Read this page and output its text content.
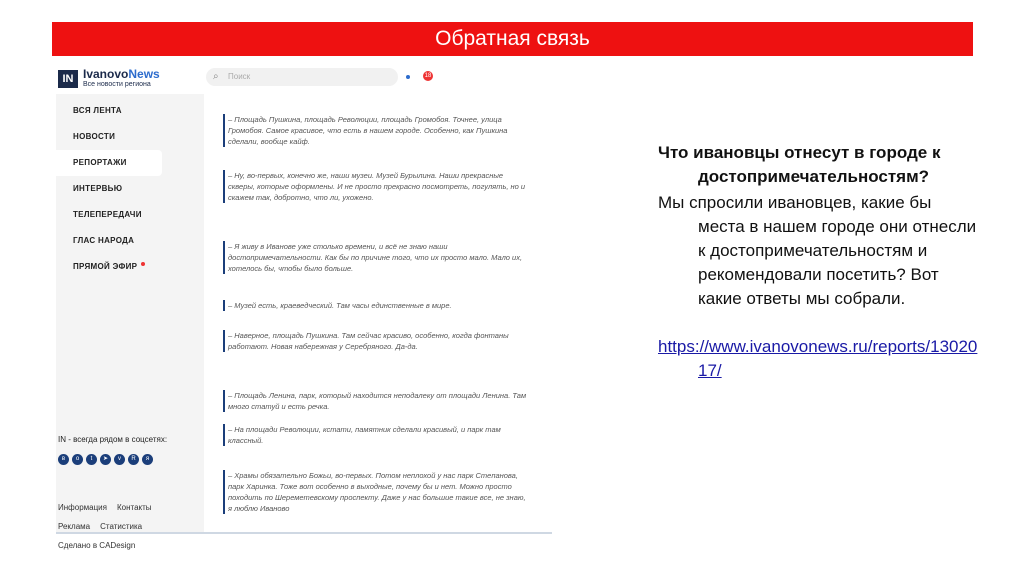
Обратная связь
IN IvanovoNews
Все новости региона
⌕ Поиск	18
ВСЯ ЛЕНТА
НОВОСТИ
РЕПОРТАЖИ
ИНТЕРВЬЮ
ТЕЛЕПЕРЕДАЧИ
ГЛАС НАРОДА
ПРЯМОЙ ЭФИР
IN - всегда рядом в соцсетях:
в	о	t	➤	v	R	я
Информация Контакты
Реклама Статистика
Сделано в CADesign
– Площадь Пушкина, площадь Революции, площадь Громобоя. Точнее, улица Громобоя. Самое красивое, что есть в нашем городе. Особенно, как Пушкина сделали, вообще кайф.
– Ну, во-первых, конечно же, наши музеи. Музей Бурылина. Наши прекрасные скверы, которые оформлены. И не просто прекрасно посмотреть, погулять, но и скажем так, добротно, что ли, ухожено.
– Я живу в Иванове уже столько времени, и всё не знаю наши достопримечательности. Как бы по причине того, что их просто мало. Мало их, хотелось бы, чтобы было больше.
– Музей есть, краеведческий. Там часы единственные в мире.
– Наверное, площадь Пушкина. Там сейчас красиво, особенно, когда фонтаны работают. Новая набережная у Серебряного. Да-да.
– Площадь Ленина, парк, который находится неподалеку от площади Ленина. Там много статуй и есть речка.
– На площади Революции, кстати, памятник сделали красивый, и парк там классный.
– Храмы обязательно Божьи, во-первых. Потом неплохой у нас парк Степанова, парк Харинка. Тоже вот особенно в выходные, почему бы и нет. Можно просто походить по Шереметевскому проспекту. Даже у нас большие такие все, не знаю, я люблю Иваново
Что ивановцы отнесут в городе к достопримечательностям?
Мы спросили ивановцев, какие бы места в нашем городе они отнесли к достопримечательностям и рекомендовали посетить? Вот какие ответы мы собрали.
https://www.ivanovonews.ru/reports/1302017/
